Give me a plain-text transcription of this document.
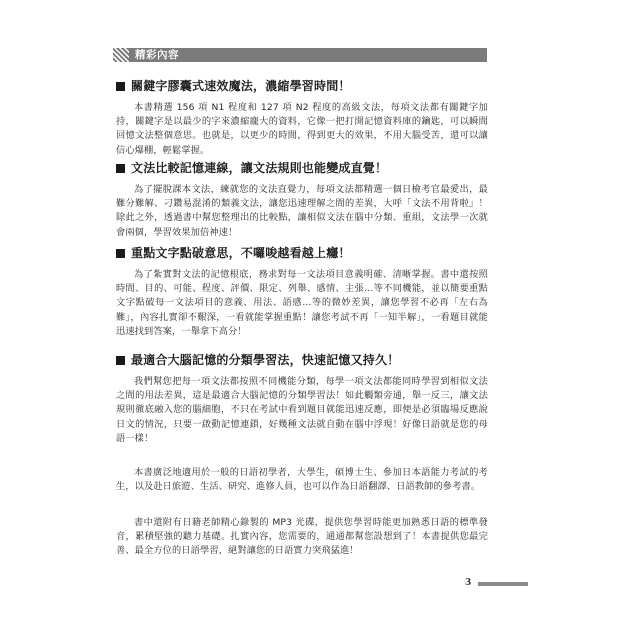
精彩內容
關鍵字膠囊式速效魔法，濃縮學習時間！
本書精選 156 項 N1 程度和 127 項 N2 程度的高級文法，每項文法都有關鍵字加持，關鍵字是以最少的字來濃縮龐大的資料，它像一把打開記憶資料庫的鑰匙，可以瞬間回憶文法整個意思。也就是，以更少的時間，得到更大的效果，不用大腦受苦，還可以讓信心爆棚，輕鬆掌握。
文法比較記憶連線，讓文法規則也能變成直覺！
為了擺脫課本文法，練就您的文法直覺力，每項文法都精選一個日檢考官最愛出，最難分難解、刁鑽易混淆的類義文法，讓您迅速理解之間的差異，大呼「文法不用背啦」！除此之外，透過書中幫您整理出的比較點，讓相似文法在腦中分類、重組，文法學一次就會兩個，學習效果加倍神速！
重點文字點破意思，不囉唆越看越上癮！
為了紮實對文法的記憶根底，務求對每一文法項目意義明確、清晰掌握。書中還按照時間、目的、可能、程度、評價、限定、列舉、感情、主張…等不同機能，並以簡要重點文字點破每一文法項目的意義、用法、語感…等的微妙差異，讓您學習不必再「左右為難」，內容扎實卻不艱深，一看就能掌握重點！讓您考試不再「一知半解」，一看題目就能迅速找到答案，一舉拿下高分！
最適合大腦記憶的分類學習法，快速記憶又持久！
我們幫您把每一項文法都按照不同機能分類，每學一項文法都能同時學習到相似文法之間的用法差異，這是最適合大腦記憶的分類學習法！如此觸類旁通，舉一反三，讓文法規則徹底融入您的腦細胞，不只在考試中看到題目就能迅速反應，即便是必須臨場反應說日文的情況，只要一啟動記憶連鎖，好幾種文法就自動在腦中浮現！好像日語就是您的母語一樣！
本書廣泛地適用於一般的日語初學者，大學生，碩博士生、參加日本語能力考試的考生，以及赴日旅遊、生活、研究、進修人員，也可以作為日語翻譯、日語教師的參考書。
書中還附有日籍老師精心錄製的 MP3 光碟，提供您學習時能更加熟悉日語的標準發音，累積堅強的聽力基礎。扎實內容，您需要的，通通都幫您設想到了！本書提供您最完善、最全方位的日語學習，絕對讓您的日語實力突飛猛進！
3
